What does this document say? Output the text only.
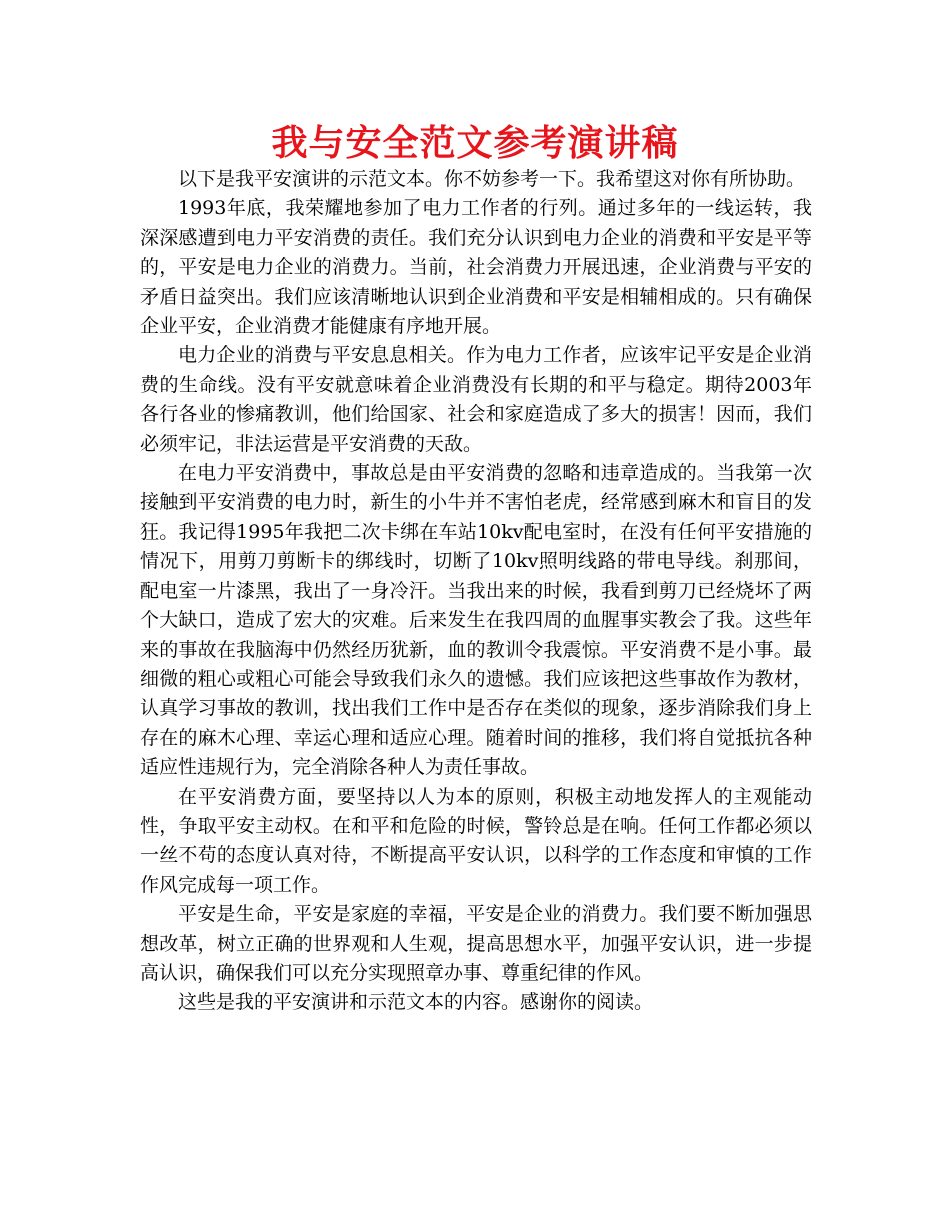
我与安全范文参考演讲稿

以下是我平安演讲的示范文本。你不妨参考一下。我希望这对你有所协助。

1993年底，我荣耀地参加了电力工作者的行列。通过多年的一线运转，我深深感遭到电力平安消费的责任。我们充分认识到电力企业的消费和平安是平等的，平安是电力企业的消费力。当前，社会消费力开展迅速，企业消费与平安的矛盾日益突出。我们应该清晰地认识到企业消费和平安是相辅相成的。只有确保企业平安，企业消费才能健康有序地开展。

电力企业的消费与平安息息相关。作为电力工作者，应该牢记平安是企业消费的生命线。没有平安就意味着企业消费没有长期的和平与稳定。期待2003年各行各业的惨痛教训，他们给国家、社会和家庭造成了多大的损害！因而，我们必须牢记，非法运营是平安消费的天敌。

在电力平安消费中，事故总是由平安消费的忽略和违章造成的。当我第一次接触到平安消费的电力时，新生的小牛并不害怕老虎，经常感到麻木和盲目的发狂。我记得1995年我把二次卡绑在车站10kv配电室时，在没有任何平安措施的情况下，用剪刀剪断卡的绑线时，切断了10kv照明线路的带电导线。刹那间，配电室一片漆黑，我出了一身冷汗。当我出来的时候，我看到剪刀已经烧坏了两个大缺口，造成了宏大的灾难。后来发生在我四周的血腥事实教会了我。这些年来的事故在我脑海中仍然经历犹新，血的教训令我震惊。平安消费不是小事。最细微的粗心或粗心可能会导致我们永久的遗憾。我们应该把这些事故作为教材，认真学习事故的教训，找出我们工作中是否存在类似的现象，逐步消除我们身上存在的麻木心理、幸运心理和适应心理。随着时间的推移，我们将自觉抵抗各种适应性违规行为，完全消除各种人为责任事故。

在平安消费方面，要坚持以人为本的原则，积极主动地发挥人的主观能动性，争取平安主动权。在和平和危险的时候，警铃总是在响。任何工作都必须以一丝不苟的态度认真对待，不断提高平安认识，以科学的工作态度和审慎的工作作风完成每一项工作。

平安是生命，平安是家庭的幸福，平安是企业的消费力。我们要不断加强思想改革，树立正确的世界观和人生观，提高思想水平，加强平安认识，进一步提高认识，确保我们可以充分实现照章办事、尊重纪律的作风。

这些是我的平安演讲和示范文本的内容。感谢你的阅读。
